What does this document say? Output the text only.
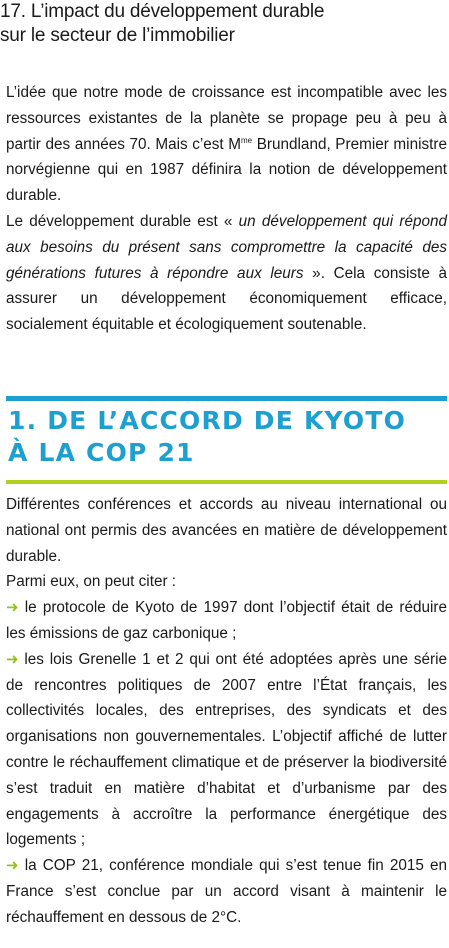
17. L’impact du développement durable
sur le secteur de l’immobilier

L’idée que notre mode de croissance est incompatible avec les ressources existantes de la planète se propage peu à peu à partir des années 70. Mais c’est $M^{me}$ Brundland, Premier ministre norvégienne qui en 1987 définira la notion de développement durable.

Le développement durable est « un développement qui répond aux besoins du présent sans compromettre la capacité des générations futures à répondre aux leurs ». Cela consiste à assurer un développement économiquement efficace, socialement équitable et écologiquement soutenable.

1. DE L’ACCORD DE KYOTO
À LA COP 21

Différentes conférences et accords au niveau international ou national ont permis des avancées en matière de développement durable.

Parmi eux, on peut citer :

➜ le protocole de Kyoto de 1997 dont l’objectif était de réduire les émissions de gaz carbonique ;

➜ les lois Grenelle 1 et 2 qui ont été adoptées après une série de rencontres politiques de 2007 entre l’État français, les collectivités locales, des entreprises, des syndicats et des organisations non gouvernementales. L’objectif affiché de lutter contre le réchauffement climatique et de préserver la biodiversité s’est traduit en matière d’habitat et d’urbanisme par des engagements à accroître la performance énergétique des logements ;

➜ la COP 21, conférence mondiale qui s’est tenue fin 2015 en France s’est conclue par un accord visant à maintenir le réchauffement en dessous de 2°C.
